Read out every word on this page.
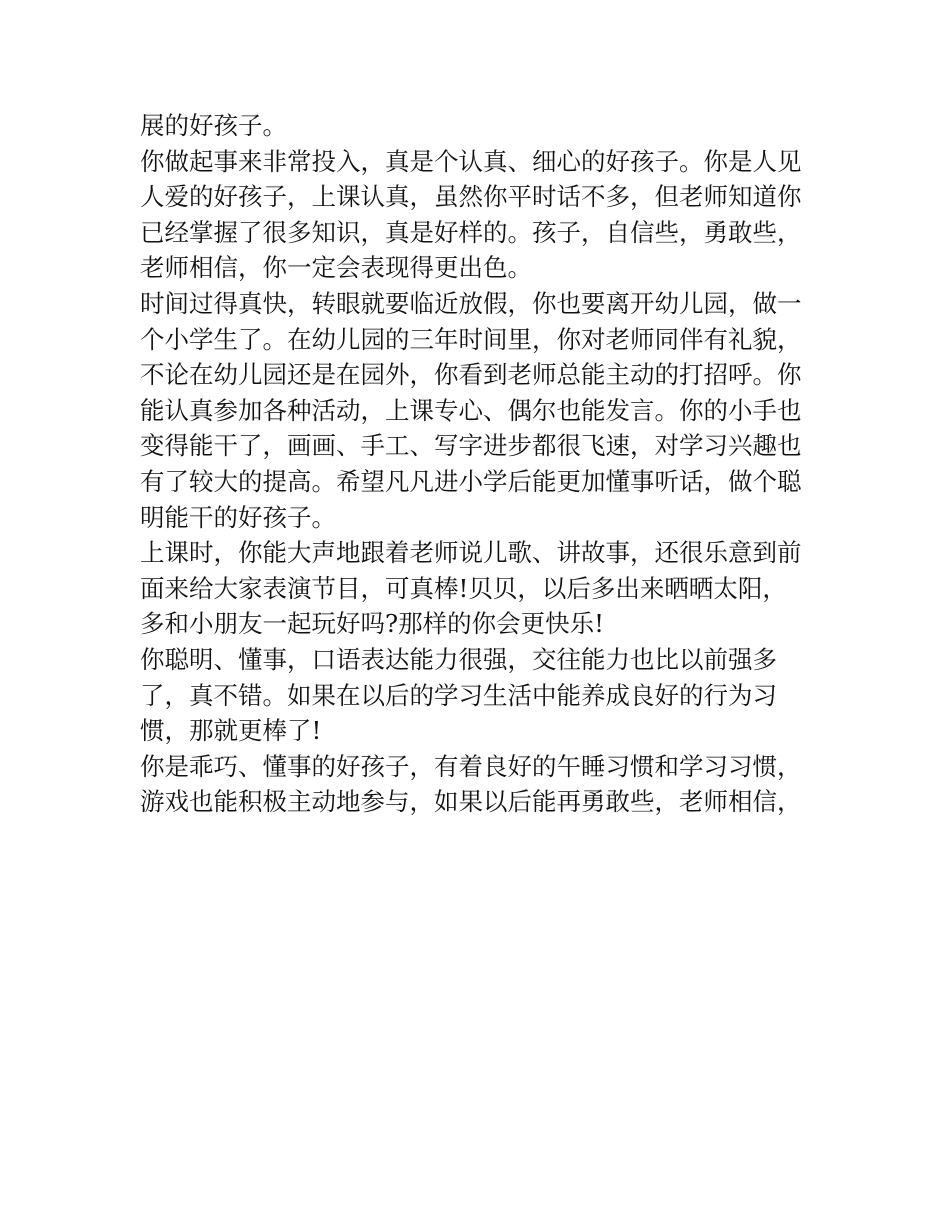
展的好孩子。
你做起事来非常投入，真是个认真、细心的好孩子。你是人见
人爱的好孩子，上课认真，虽然你平时话不多，但老师知道你
已经掌握了很多知识，真是好样的。孩子，自信些，勇敢些，
老师相信，你一定会表现得更出色。
时间过得真快，转眼就要临近放假，你也要离开幼儿园，做一
个小学生了。在幼儿园的三年时间里，你对老师同伴有礼貌，
不论在幼儿园还是在园外，你看到老师总能主动的打招呼。你
能认真参加各种活动，上课专心、偶尔也能发言。你的小手也
变得能干了，画画、手工、写字进步都很飞速，对学习兴趣也
有了较大的提高。希望凡凡进小学后能更加懂事听话，做个聪
明能干的好孩子。
上课时，你能大声地跟着老师说儿歌、讲故事，还很乐意到前
面来给大家表演节目，可真棒!贝贝，以后多出来晒晒太阳，
多和小朋友一起玩好吗?那样的你会更快乐!
你聪明、懂事，口语表达能力很强，交往能力也比以前强多
了，真不错。如果在以后的学习生活中能养成良好的行为习
惯，那就更棒了!
你是乖巧、懂事的好孩子，有着良好的午睡习惯和学习习惯，
游戏也能积极主动地参与，如果以后能再勇敢些，老师相信，
